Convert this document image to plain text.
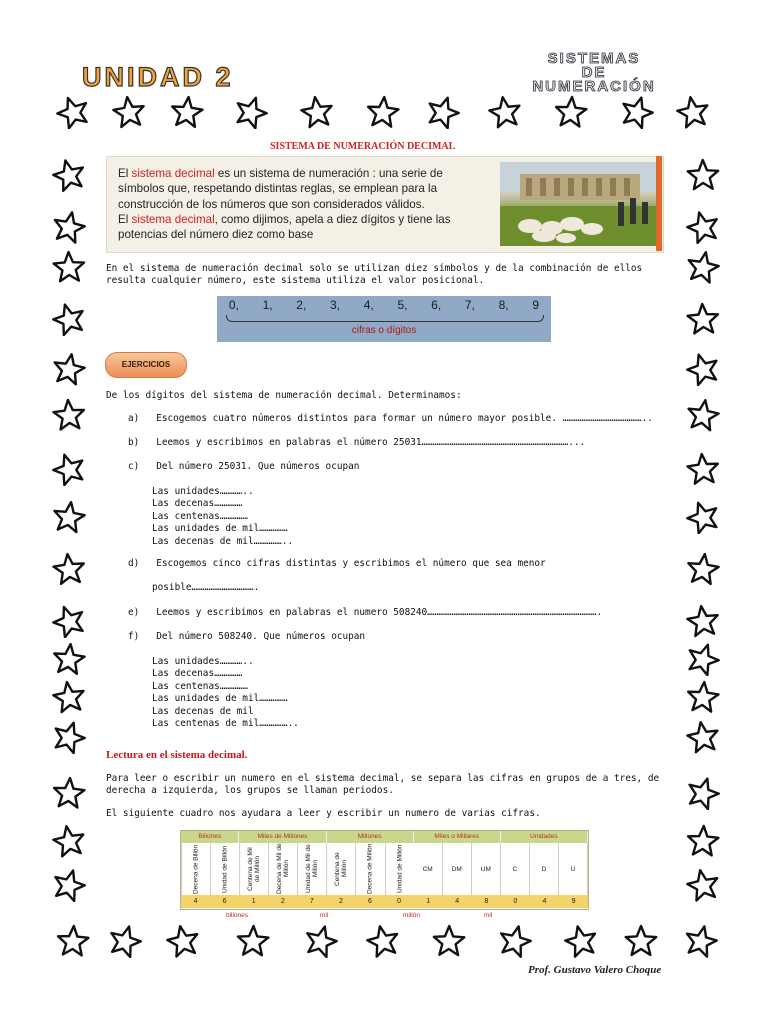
UNIDAD 2
SISTEMAS
DE
NUMERACIÓN
SISTEMA DE NUMERACIÓN DECIMAL
El sistema decimal es un sistema de numeración : una serie de símbolos que, respetando distintas reglas, se emplean para la construcción de los números que son considerados válidos.
El sistema decimal, como dijimos, apela a diez dígitos y tiene las potencias del número diez como base
En el sistema de numeración decimal solo se utilizan diez símbolos y de la combinación de ellos
resulta cualquier número, este sistema utiliza el valor posicional.
0, 1, 2, 3, 4, 5, 6, 7, 8, 9
cifras o dígitos
EJERCICIOS
De los dígitos del sistema de numeración decimal. Determinamos:
a)   Escogemos cuatro números distintos para formar un número mayor posible. ……………………………………..
b)   Leemos y escribimos en palabras el número 25031……………………………………………………………………...
c)   Del número 25031. Que números ocupan
Las unidades…………..
Las decenas……………
Las centenas……………
Las unidades de mil……………
Las decenas de mil……………..
d)   Escogemos cinco cifras distintas y escribimos el número que sea menor
posible…………………………….
e)   Leemos y escribimos en palabras el numero 508240……………………………………………………………………………….
f)   Del número 508240. Que números ocupan
Las unidades…………..
Las decenas……………
Las centenas……………
Las unidades de mil……………
Las decenas de mil
Las centenas de mil……………..
Lectura en el sistema decimal.
Para leer o escribir un numero en el sistema decimal, se separa las cifras en grupos de a tres, de
derecha a izquierda, los grupos se llaman periodos.
El siguiente cuadro nos ayudara a leer y escribir un numero de varias cifras.
Billones	Miles de Millones	Millones	Miles o Millares	Unidades
Decena de Billón	Unidad de Billón	Centena de Mil de Millón	Decena de Mil de Millón	Unidad de Mil de Millón	Centena de Millón	Decena de Millón	Unidad de Millón	CM	DM	UM	C	D	U
4	6	1	2	7	2	6	0	1	4	8	0	4	9
billones	mil	millón	mil
Prof. Gustavo Valero Choque
